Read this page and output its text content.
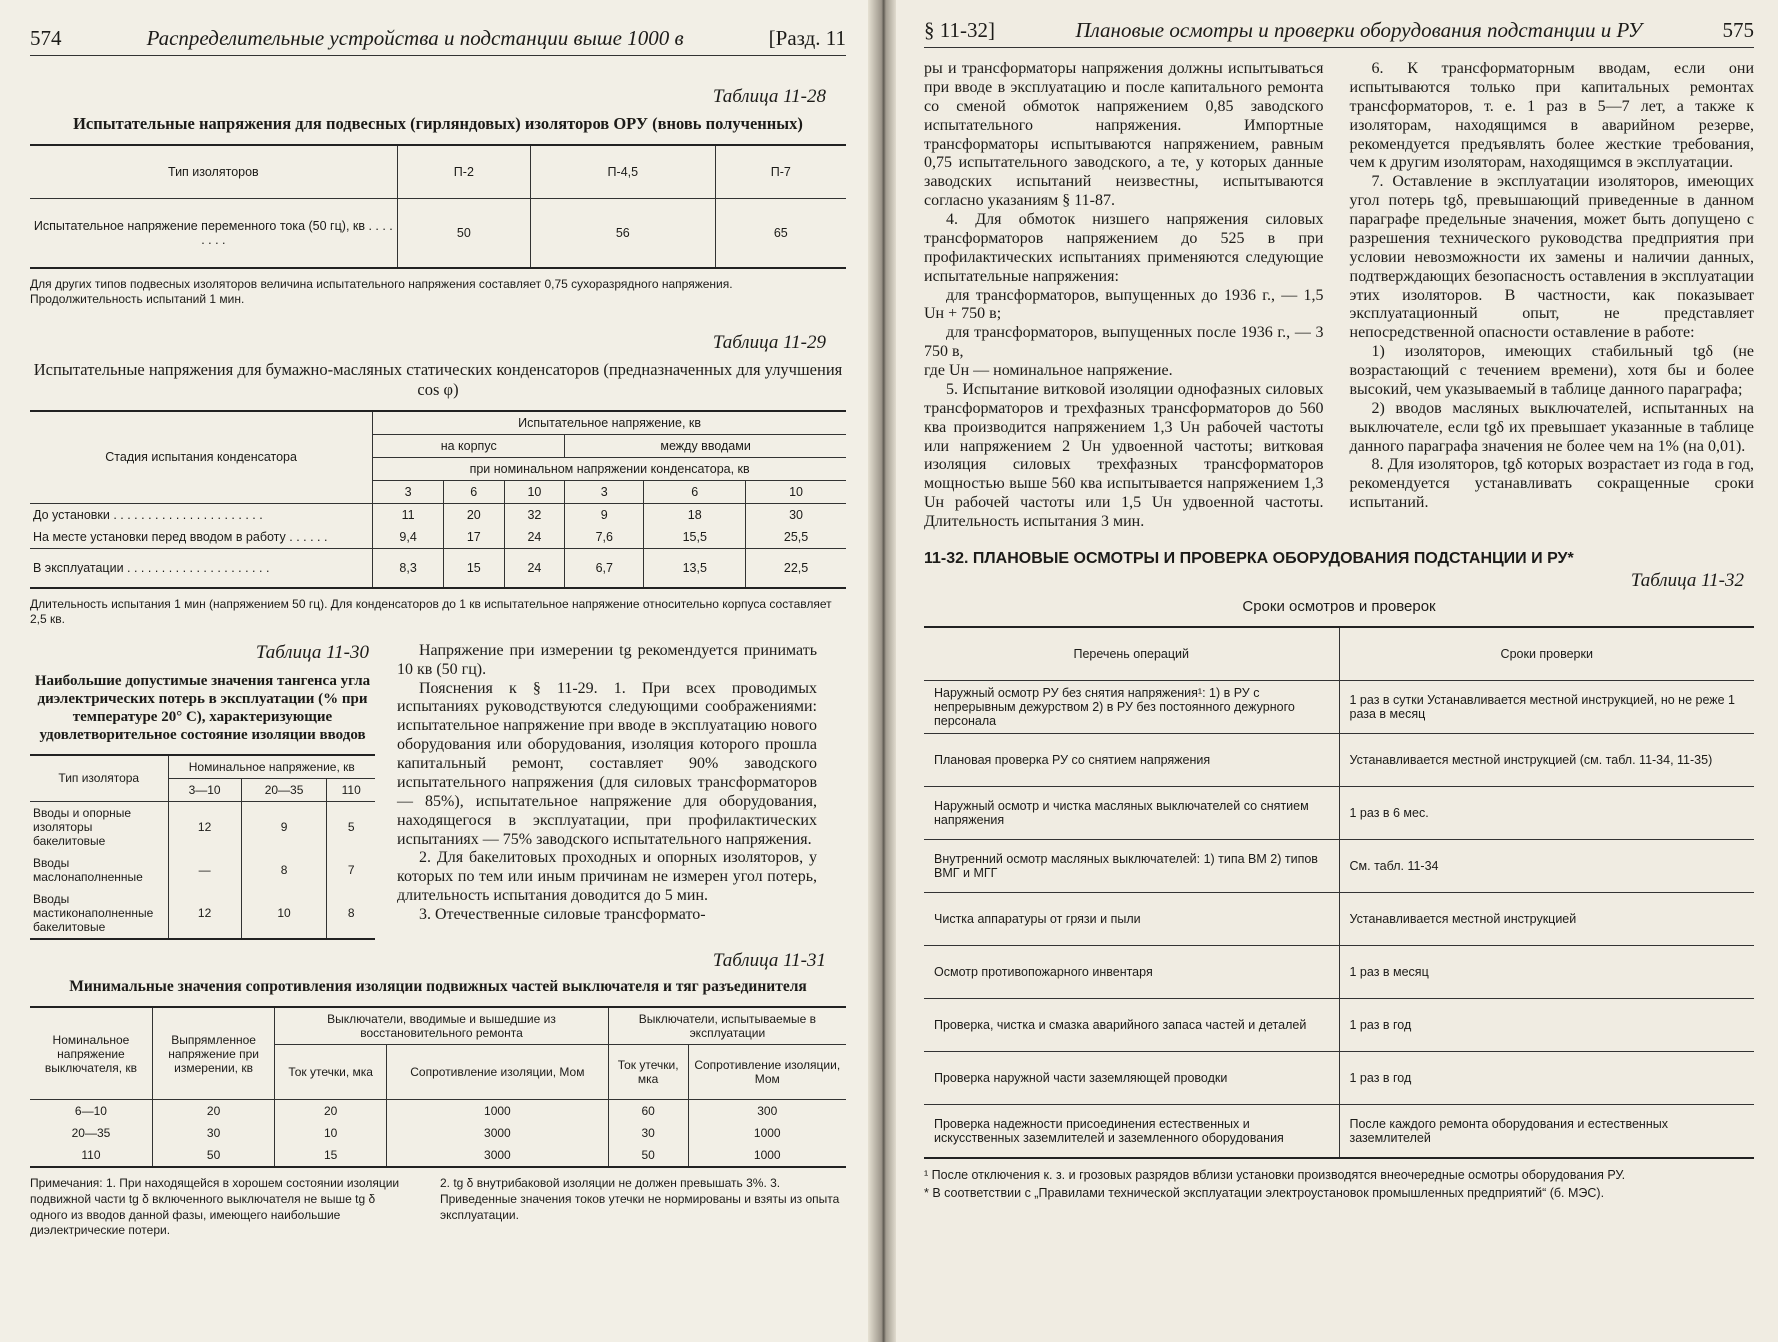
574	Распределительные устройства и подстанции выше 1000 в	[Разд. 11
Таблица 11-28
Испытательные напряжения для подвесных (гирляндовых) изоляторов ОРУ (вновь полученных)
Тип изоляторов	П-2	П-4,5	П-7
Испытательное напряжение переменного тока (50 гц), кв . . . . . . . .	50	56	65
Для других типов подвесных изоляторов величина испытательного напряжения составляет 0,75 сухоразрядного напряжения. Продолжительность испытаний 1 мин.
Таблица 11-29
Испытательные напряжения для бумажно-масляных статических конденсаторов (предназначенных для улучшения cos φ)
Стадия испытания конденсатора	Испытательное напряжение, кв					
	на корпус			между вводами		
	при номинальном напряжении конденсатора, кв					
	3	6	10	3	6	10
До установки . . . . . . . . . . . . . . . . . . . . . .	11	20	32	9	18	30
На месте установки перед вводом в работу . . . . . .	9,4	17	24	7,6	15,5	25,5
В эксплуатации . . . . . . . . . . . . . . . . . . . . .	8,3	15	24	6,7	13,5	22,5
Длительность испытания 1 мин (напряжением 50 гц). Для конденсаторов до 1 кв испытательное напряжение относительно корпуса составляет 2,5 кв.
Таблица 11-30
Наибольшие допустимые значения тангенса угла диэлектрических потерь в эксплуатации (% при температуре 20° С), характеризующие удовлетворительное состояние изоляции вводов
Тип изолятора	Номинальное напряжение, кв		
	3—10	20—35	110
Вводы и опорные изоляторы бакелитовые	12	9	5
Вводы маслонаполненные	—	8	7
Вводы мастиконаполненные бакелитовые	12	10	8

Напряжение при измерении tg рекомендуется принимать 10 кв (50 гц).

Пояснения к § 11-29. 1. При всех проводимых испытаниях руководствуются следующими соображениями: испытательное напряжение при вводе в эксплуатацию нового оборудования или оборудования, изоляция которого прошла капитальный ремонт, составляет 90% заводского испытательного напряжения (для силовых трансформаторов — 85%), испытательное напряжение для оборудования, находящегося в эксплуатации, при профилактических испытаниях — 75% заводского испытательного напряжения.

2. Для бакелитовых проходных и опорных изоляторов, у которых по тем или иным причинам не измерен угол потерь, длительность испытания доводится до 5 мин.

3. Отечественные силовые трансформато-

Таблица 11-31
Минимальные значения сопротивления изоляции подвижных частей выключателя и тяг разъединителя
Номинальное напряжение выключателя, кв	Выпрямленное напряжение при измерении, кв	Выключатели, вводимые и вышедшие из восстановительного ремонта		Выключатели, испытываемые в эксплуатации	
		Ток утечки, мка	Сопротивление изоляции, Мом	Ток утечки, мка	Сопротивление изоляции, Мом
6—10	20	20	1000	60	300
20—35	30	10	3000	30	1000
110	50	15	3000	50	1000
Примечания: 1. При находящейся в хорошем состоянии изоляции подвижной части tg δ включенного выключателя не выше tg δ одного из вводов данной фазы, имеющего наибольшие диэлектрические потери.
2. tg δ внутрибаковой изоляции не должен превышать 3%. 3. Приведенные значения токов утечки не нормированы и взяты из опыта эксплуатации.
§ 11-32]	Плановые осмотры и проверки оборудования подстанции и РУ	575

ры и трансформаторы напряжения должны испытываться при вводе в эксплуатацию и после капитального ремонта со сменой обмоток напряжением 0,85 заводского испытательного напряжения. Импортные трансформаторы испытываются напряжением, равным 0,75 испытательного заводского, а те, у которых данные заводских испытаний неизвестны, испытываются согласно указаниям § 11-87.

4. Для обмоток низшего напряжения силовых трансформаторов напряжением до 525 в при профилактических испытаниях применяются следующие испытательные напряжения:

для трансформаторов, выпущенных до 1936 г., — 1,5 Uн + 750 в;

для трансформаторов, выпущенных после 1936 г., — 3 750 в,

где Uн — номинальное напряжение.

5. Испытание витковой изоляции однофазных силовых трансформаторов и трехфазных трансформаторов до 560 ква производится напряжением 1,3 Uн рабочей частоты или напряжением 2 Uн удвоенной частоты; витковая изоляция силовых трехфазных трансформаторов мощностью выше 560 ква испытывается напряжением 1,3 Uн рабочей частоты или 1,5 Uн удвоенной частоты. Длительность испытания 3 мин.

6. К трансформаторным вводам, если они испытываются только при капитальных ремонтах трансформаторов, т. е. 1 раз в 5—7 лет, а также к изоляторам, находящимся в аварийном резерве, рекомендуется предъявлять более жесткие требования, чем к другим изоляторам, находящимся в эксплуатации.

7. Оставление в эксплуатации изоляторов, имеющих угол потерь tgδ, превышающий приведенные в данном параграфе предельные значения, может быть допущено с разрешения технического руководства предприятия при условии невозможности их замены и наличии данных, подтверждающих безопасность оставления в эксплуатации этих изоляторов. В частности, как показывает эксплуатационный опыт, не представляет непосредственной опасности оставление в работе:

1) изоляторов, имеющих стабильный tgδ (не возрастающий с течением времени), хотя бы и более высокий, чем указываемый в таблице данного параграфа;

2) вводов масляных выключателей, испытанных на выключателе, если tgδ их превышает указанные в таблице данного параграфа значения не более чем на 1% (на 0,01).

8. Для изоляторов, tgδ которых возрастает из года в год, рекомендуется устанавливать сокращенные сроки испытаний.

11-32. ПЛАНОВЫЕ ОСМОТРЫ И ПРОВЕРКА ОБОРУДОВАНИЯ ПОДСТАНЦИИ И РУ*
Таблица 11-32
Сроки осмотров и проверок
Перечень операций	Сроки проверки
Наружный осмотр РУ без снятия напряжения¹: 1) в РУ с непрерывным дежурством 2) в РУ без постоянного дежурного персонала	1 раз в сутки Устанавливается местной инструкцией, но не реже 1 раза в месяц
Плановая проверка РУ со снятием напряжения	Устанавливается местной инструкцией (см. табл. 11-34, 11-35)
Наружный осмотр и чистка масляных выключателей со снятием напряжения	1 раз в 6 мес.
Внутренний осмотр масляных выключателей: 1) типа ВМ 2) типов ВМГ и МГГ	См. табл. 11-34
Чистка аппаратуры от грязи и пыли	Устанавливается местной инструкцией
Осмотр противопожарного инвентаря	1 раз в месяц
Проверка, чистка и смазка аварийного запаса частей и деталей	1 раз в год
Проверка наружной части заземляющей проводки	1 раз в год
Проверка надежности присоединения естественных и искусственных заземлителей и заземленного оборудования	После каждого ремонта оборудования и естественных заземлителей
¹ После отключения к. з. и грозовых разрядов вблизи установки производятся внеочередные осмотры оборудования РУ.
* В соответствии с „Правилами технической эксплуатации электроустановок промышленных предприятий“ (б. МЭС).
